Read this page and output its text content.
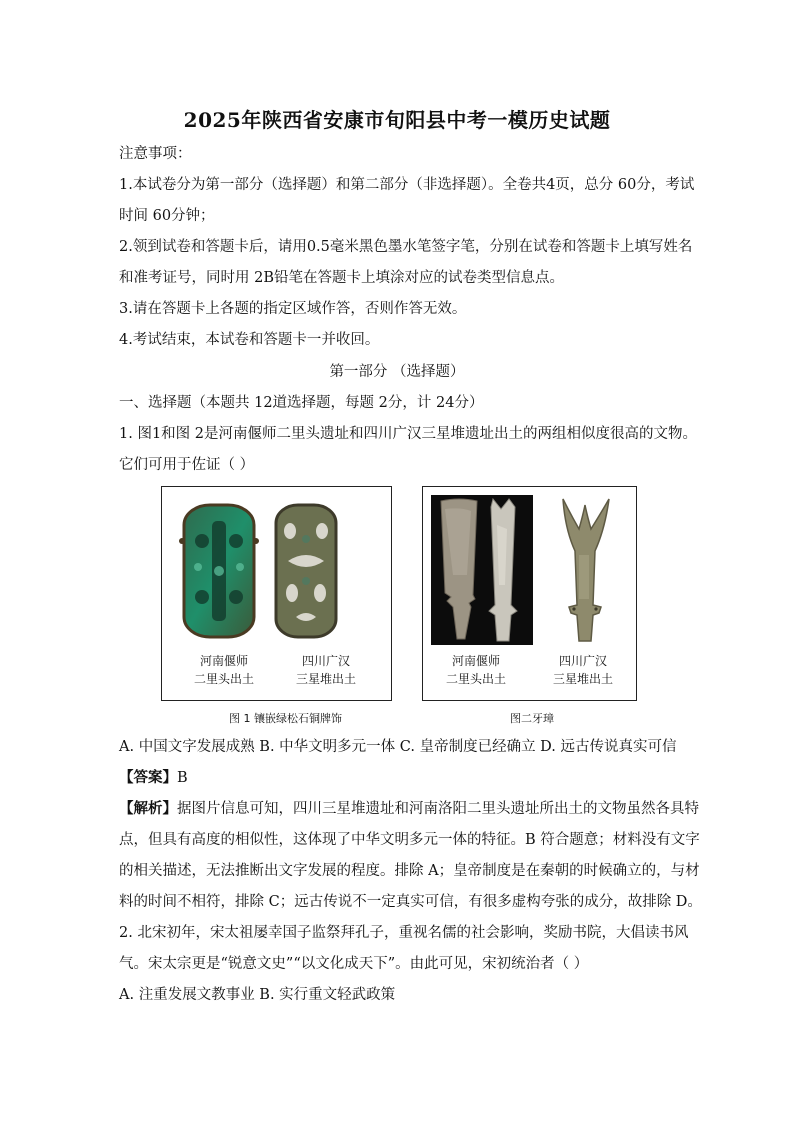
2025年陕西省安康市旬阳县中考一模历史试题
注意事项：
1.本试卷分为第一部分（选择题）和第二部分（非选择题）。全卷共4页，总分 60分，考试
时间 60分钟；
2.领到试卷和答题卡后，请用0.5毫米黑色墨水笔签字笔，分别在试卷和答题卡上填写姓名
和准考证号，同时用 2B铅笔在答题卡上填涂对应的试卷类型信息点。
3.请在答题卡上各题的指定区域作答，否则作答无效。
4.考试结束，本试卷和答题卡一并收回。
第一部分 （选择题）
一、选择题（本题共 12道选择题，每题 2分，计 24分）
1. 图1和图 2是河南偃师二里头遗址和四川广汉三星堆遗址出土的两组相似度很高的文物。
它们可用于佐证（ ）
河南偃师
二里头出土
四川广汉
三星堆出土
图 1 镶嵌绿松石铜牌饰
河南偃师
二里头出土
四川广汉
三星堆出土
图二牙璋
A. 中国文字发展成熟 B. 中华文明多元一体 C. 皇帝制度已经确立 D. 远古传说真实可信
【答案】B
【解析】据图片信息可知，四川三星堆遗址和河南洛阳二里头遗址所出土的文物虽然各具特
点，但具有高度的相似性，这体现了中华文明多元一体的特征。B 符合题意；材料没有文字
的相关描述，无法推断出文字发展的程度。排除 A；皇帝制度是在秦朝的时候确立的，与材
料的时间不相符，排除 C；远古传说不一定真实可信，有很多虚构夸张的成分，故排除 D。
2. 北宋初年，宋太祖屡幸国子监祭拜孔子，重视名儒的社会影响，奖励书院，大倡读书风
气。宋太宗更是“锐意文史”“以文化成天下”。由此可见，宋初统治者（ ）
A. 注重发展文教事业 B. 实行重文轻武政策
